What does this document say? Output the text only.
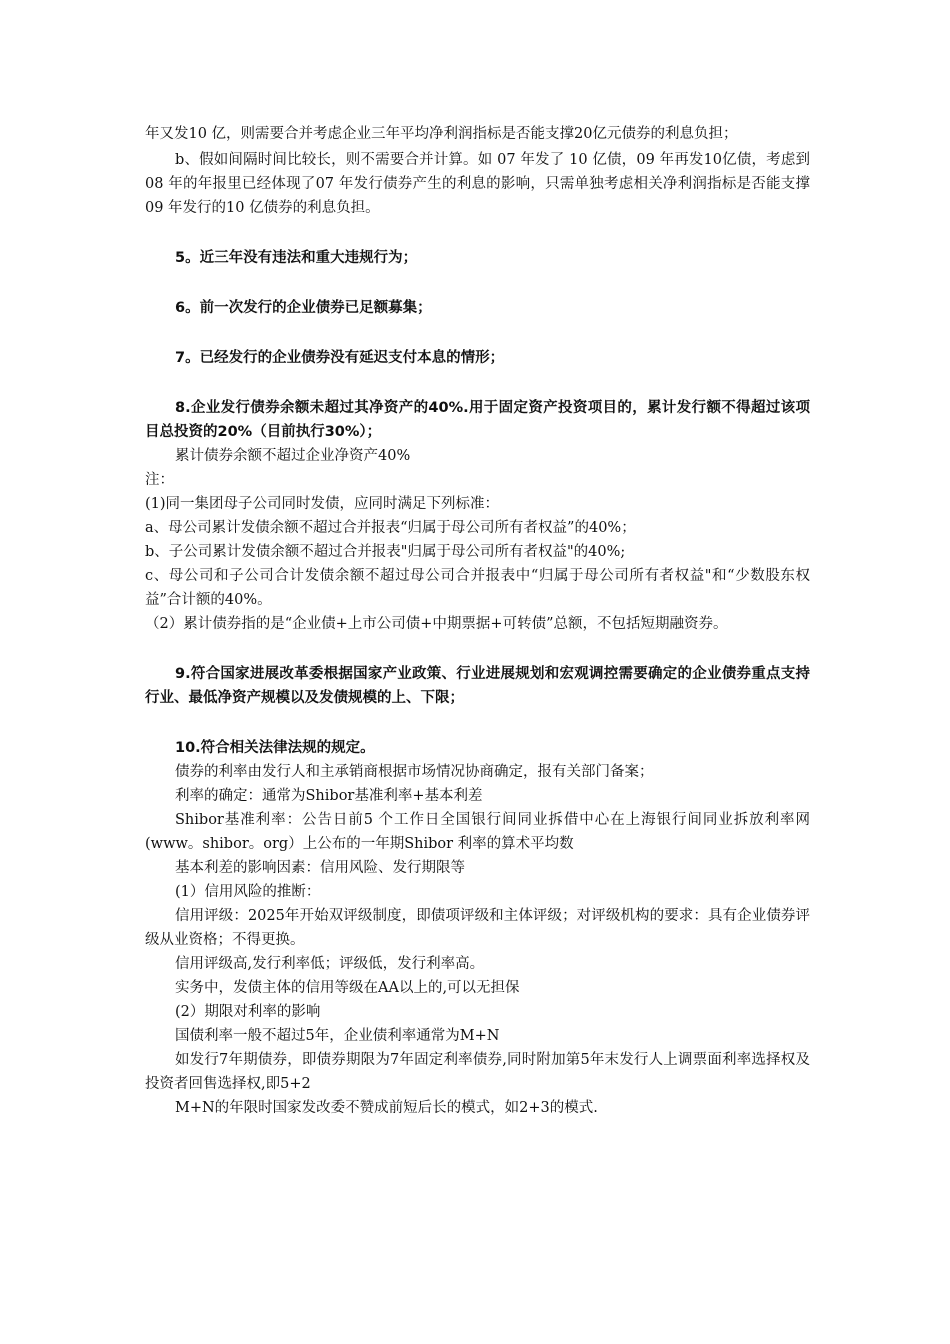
年又发10 亿，则需要合并考虑企业三年平均净利润指标是否能支撑20亿元债券的利息负担；

b、假如间隔时间比较长，则不需要合并计算。如 07 年发了 10 亿债，09 年再发10亿债，考虑到08 年的年报里已经体现了07 年发行债券产生的利息的影响，只需单独考虑相关净利润指标是否能支撑09 年发行的10 亿债券的利息负担。

5。近三年没有违法和重大违规行为；

6。前一次发行的企业债券已足额募集；

7。已经发行的企业债券没有延迟支付本息的情形；

8.企业发行债券余额未超过其净资产的40%.用于固定资产投资项目的，累计发行额不得超过该项目总投资的20%（目前执行30%）；

累计债券余额不超过企业净资产40%

注：

(1)同一集团母子公司同时发债，应同时满足下列标准：

a、母公司累计发债余额不超过合并报表“归属于母公司所有者权益”的40%；

b、子公司累计发债余额不超过合并报表"归属于母公司所有者权益"的40%;

c、母公司和子公司合计发债余额不超过母公司合并报表中“归属于母公司所有者权益"和“少数股东权益”合计额的40%。

（2）累计债券指的是“企业债+上市公司债+中期票据+可转债”总额，不包括短期融资券。

9.符合国家进展改革委根据国家产业政策、行业进展规划和宏观调控需要确定的企业债券重点支持行业、最低净资产规模以及发债规模的上、下限；

10.符合相关法律法规的规定。

债券的利率由发行人和主承销商根据市场情况协商确定，报有关部门备案；

利率的确定：通常为Shibor基准利率+基本利差

Shibor基准利率：公告日前5 个工作日全国银行间同业拆借中心在上海银行间同业拆放利率网(www。shibor。org）上公布的一年期Shibor 利率的算术平均数

基本利差的影响因素：信用风险、发行期限等

(1）信用风险的推断：

信用评级：2025年开始双评级制度，即债项评级和主体评级；对评级机构的要求：具有企业债券评级从业资格；不得更换。

信用评级高,发行利率低；评级低，发行利率高。

实务中，发债主体的信用等级在AA以上的,可以无担保

(2）期限对利率的影响

国债利率一般不超过5年，企业债利率通常为M+N

如发行7年期债券，即债券期限为7年固定利率债券,同时附加第5年末发行人上调票面利率选择权及投资者回售选择权,即5+2

M+N的年限时国家发改委不赞成前短后长的模式，如2+3的模式.
